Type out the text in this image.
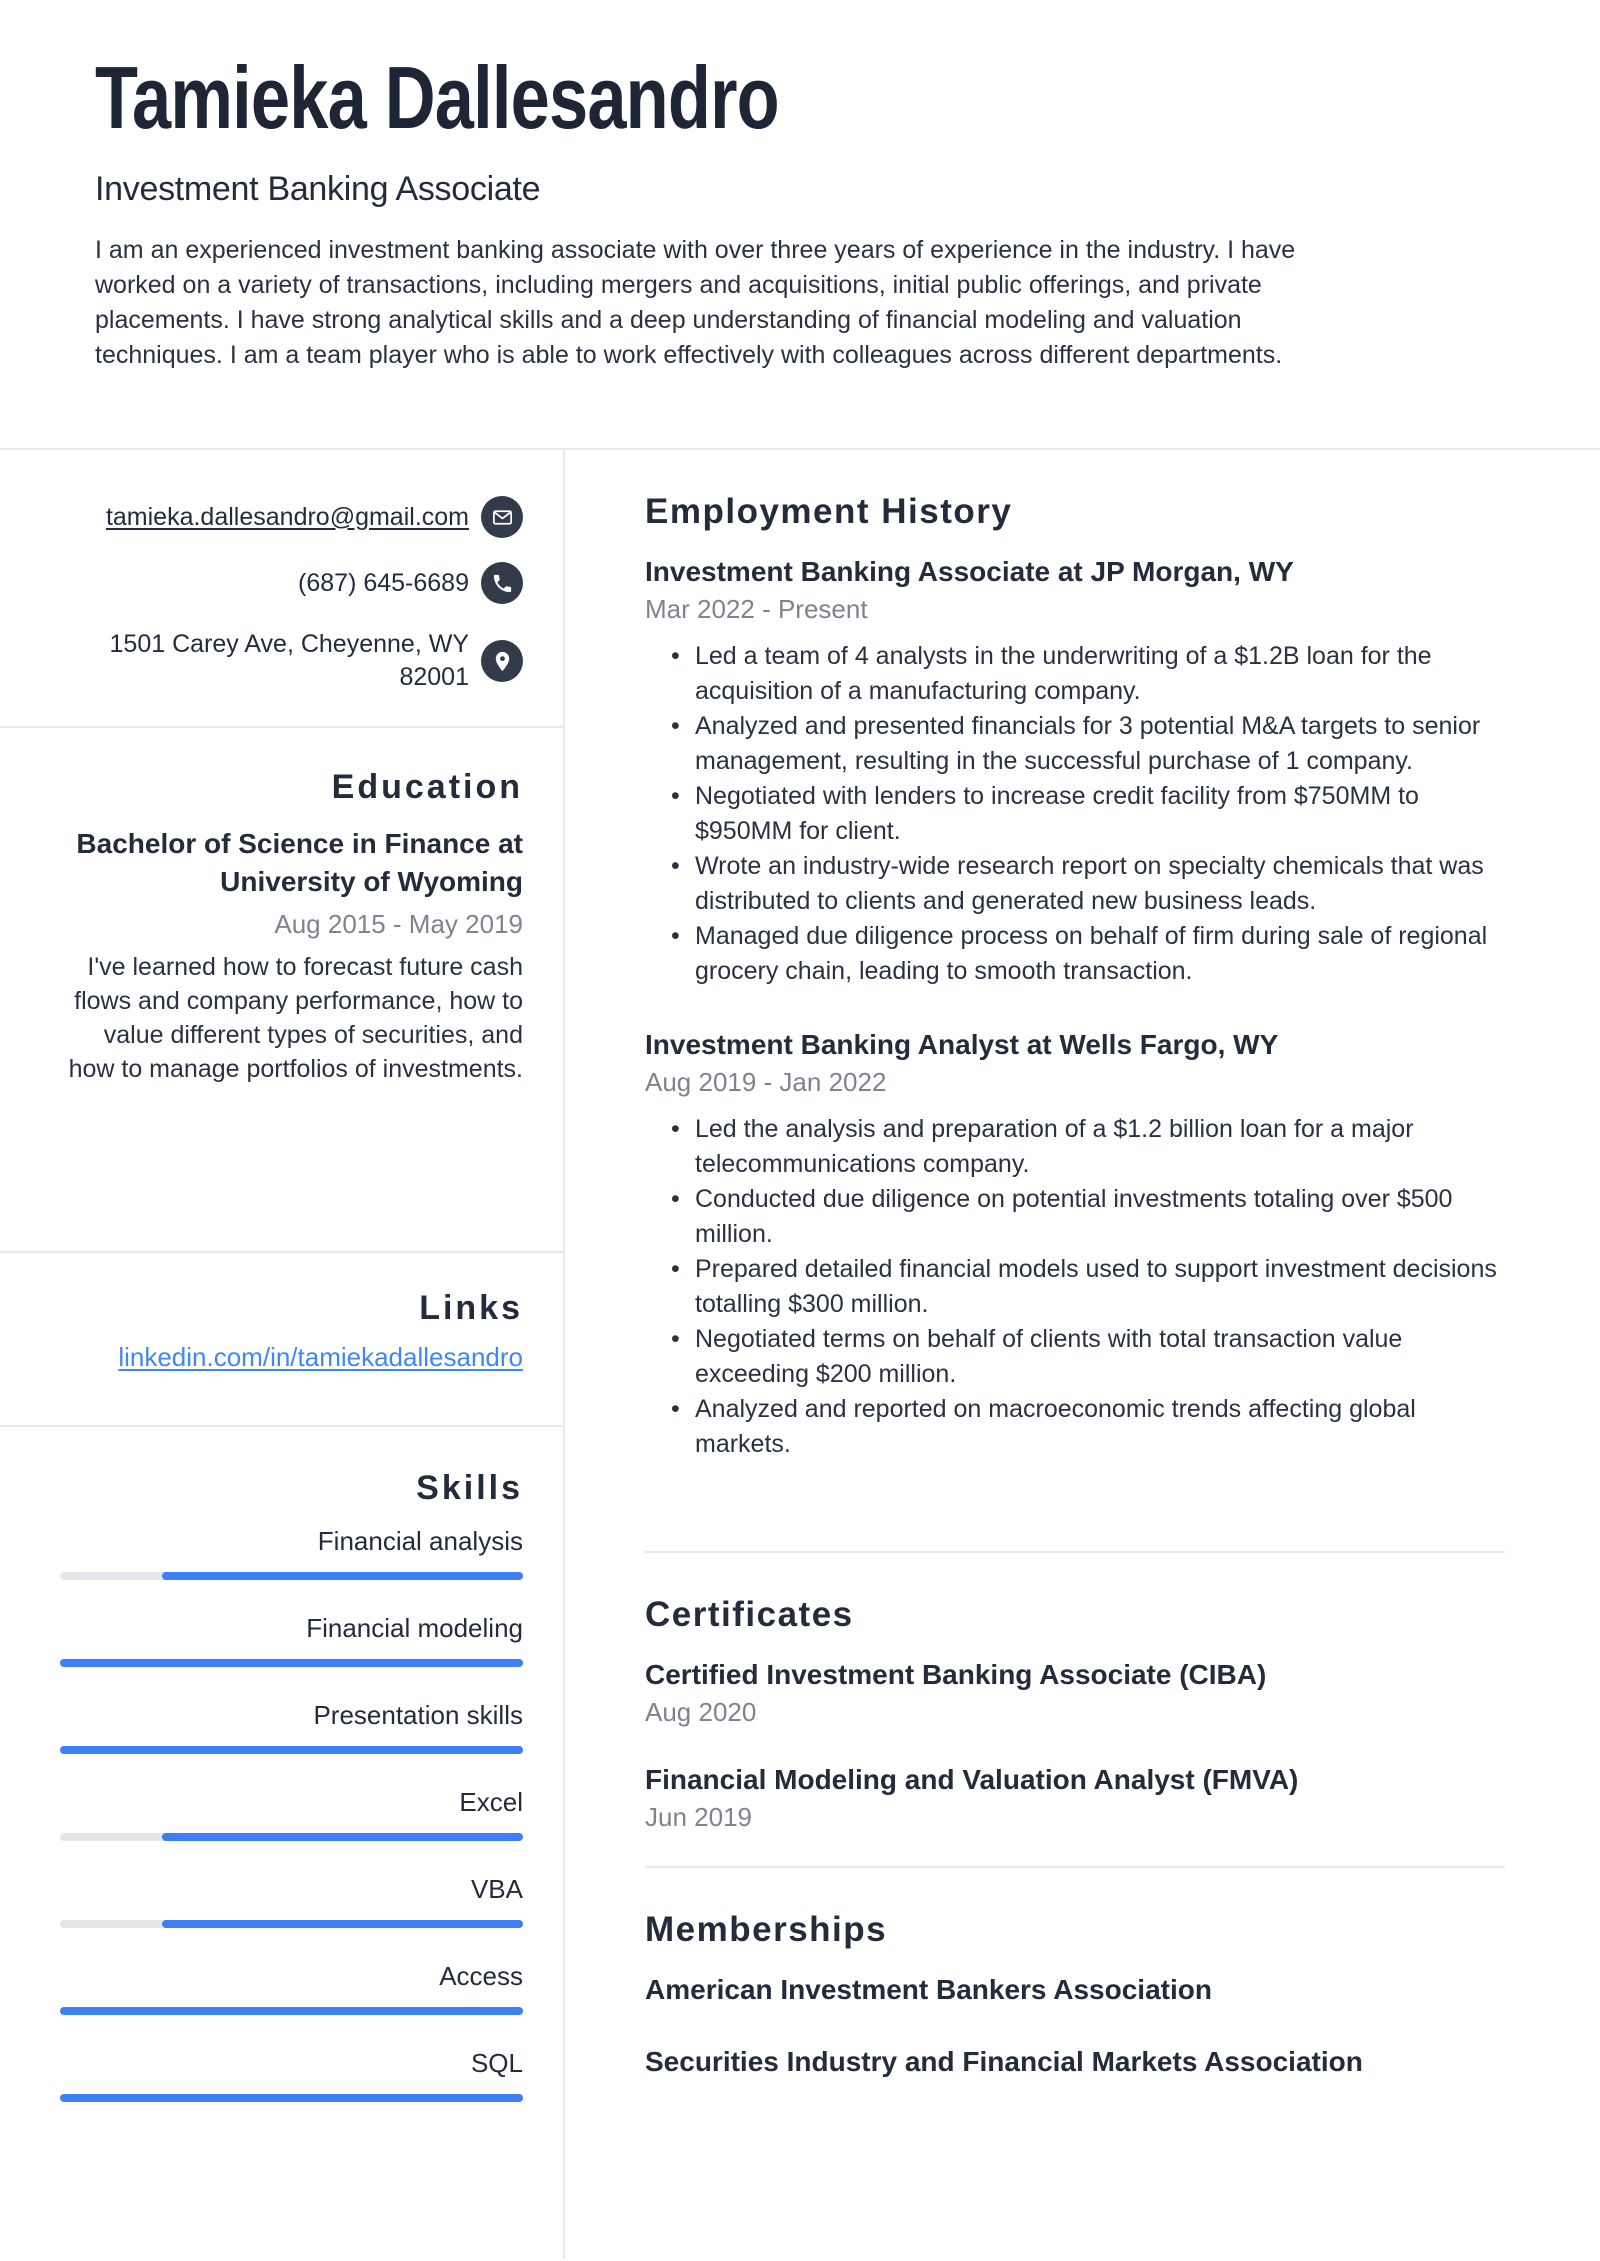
Tamieka Dallesandro
Investment Banking Associate

I am an experienced investment banking associate with over three years of experience in the industry. I have worked on a variety of transactions, including mergers and acquisitions, initial public offerings, and private placements. I have strong analytical skills and a deep understanding of financial modeling and valuation techniques. I am a team player who is able to work effectively with colleagues across different departments.

tamieka.dallesandro@gmail.com
(687) 645-6689
1501 Carey Ave, Cheyenne, WY 82001
Education
Bachelor of Science in Finance at University of Wyoming
Aug 2015 - May 2019

I've learned how to forecast future cash flows and company performance, how to value different types of securities, and how to manage portfolios of investments.

Links
linkedin.com/in/tamiekadallesandro
Skills
Financial analysis
Financial modeling
Presentation skills
Excel
VBA
Access
SQL
Employment History
Investment Banking Associate at JP Morgan, WY
Mar 2022 - Present
• Led a team of 4 analysts in the underwriting of a $1.2B loan for the acquisition of a manufacturing company.
• Analyzed and presented financials for 3 potential M&A targets to senior management, resulting in the successful purchase of 1 company.
• Negotiated with lenders to increase credit facility from $750MM to $950MM for client.
• Wrote an industry-wide research report on specialty chemicals that was distributed to clients and generated new business leads.
• Managed due diligence process on behalf of firm during sale of regional grocery chain, leading to smooth transaction.
Investment Banking Analyst at Wells Fargo, WY
Aug 2019 - Jan 2022
• Led the analysis and preparation of a $1.2 billion loan for a major telecommunications company.
• Conducted due diligence on potential investments totaling over $500 million.
• Prepared detailed financial models used to support investment decisions totalling $300 million.
• Negotiated terms on behalf of clients with total transaction value exceeding $200 million.
• Analyzed and reported on macroeconomic trends affecting global markets.
Certificates
Certified Investment Banking Associate (CIBA)
Aug 2020
Financial Modeling and Valuation Analyst (FMVA)
Jun 2019
Memberships
American Investment Bankers Association
Securities Industry and Financial Markets Association
